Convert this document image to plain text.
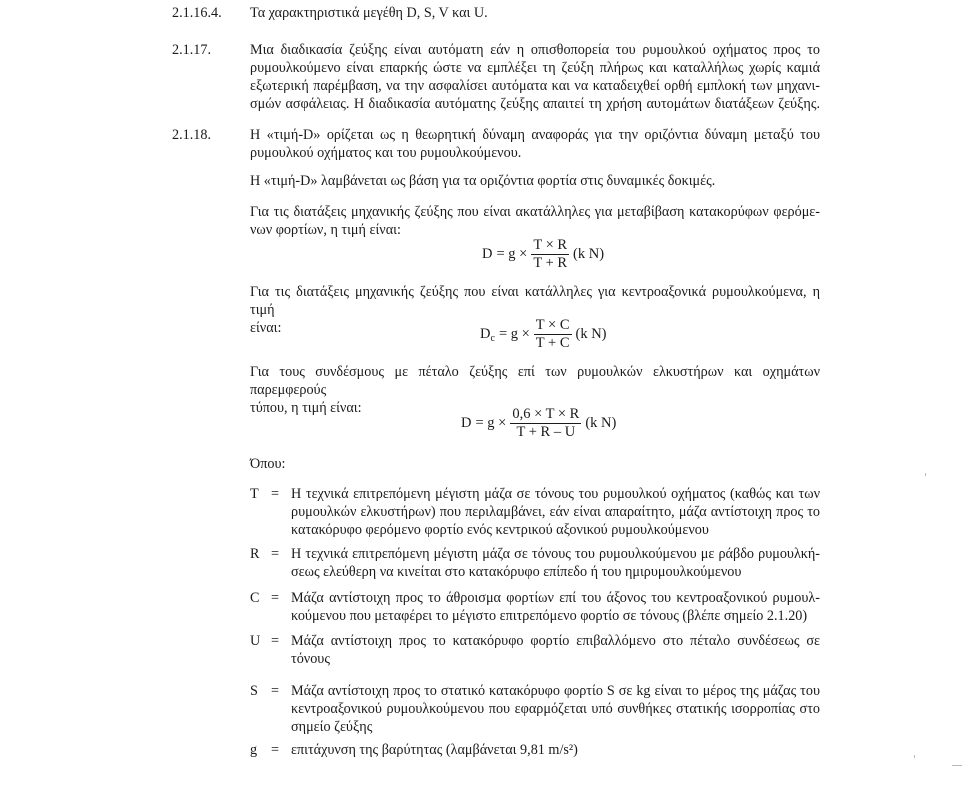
2.1.16.4. Τα χαρακτηριστικά μεγέθη D, S, V και U.
2.1.17.	Μια διαδικασία ζεύξης είναι αυτόματη εάν η οπισθοπορεία του ρυμουλκού οχήματος προς το
ρυμουλκούμενο είναι επαρκής ώστε να εμπλέξει τη ζεύξη πλήρως και καταλλήλως χωρίς καμιά
εξωτερική παρέμβαση, να την ασφαλίσει αυτόματα και να καταδειχθεί ορθή εμπλοκή των μηχανι-
σμών ασφάλειας. Η διαδικασία αυτόματης ζεύξης απαιτεί τη χρήση αυτομάτων διατάξεων ζεύξης.
2.1.18.	Η «τιμή-D» ορίζεται ως η θεωρητική δύναμη αναφοράς για την οριζόντια δύναμη μεταξύ του
ρυμουλκού οχήματος και του ρυμουλκούμενου.
Η «τιμή-D» λαμβάνεται ως βάση για τα οριζόντια φορτία στις δυναμικές δοκιμές.
Για τις διατάξεις μηχανικής ζεύξης που είναι ακατάλληλες για μεταβίβαση κατακορύφων φερόμε-
νων φορτίων, η τιμή είναι:
$D = g \times \frac{T \times R}{T + R} (k$ N)
Για τις διατάξεις μηχανικής ζεύξης που είναι κατάλληλες για κεντροαξονικά ρυμουλκούμενα, η τιμή
είναι:	$D_c = g \times \frac{T \times C}{T + C} (k$ N)
Για τους συνδέσμους με πέταλο ζεύξης επί των ρυμουλκών ελκυστήρων και οχημάτων παρεμφερούς
τύπου, η τιμή είναι:
$D = g \times \frac{0,6 \times T \times R}{T + R - U} (k$ N)
Όπου:
T = Η τεχνικά επιτρεπόμενη μέγιστη μάζα σε τόνους του ρυμουλκού οχήματος (καθώς και των
ρυμουλκών ελκυστήρων) που περιλαμβάνει, εάν είναι απαραίτητο, μάζα αντίστοιχη προς το
κατακόρυφο φερόμενο φορτίο ενός κεντρικού αξονικού ρυμουλκούμενου
R = Η τεχνικά επιτρεπόμενη μέγιστη μάζα σε τόνους του ρυμουλκούμενου με ράβδο ρυμουλκή-
σεως ελεύθερη να κινείται στο κατακόρυφο επίπεδο ή του ημιρυμουλκούμενου
C = Μάζα αντίστοιχη προς το άθροισμα φορτίων επί του άξονος του κεντροαξονικού ρυμουλ-
κούμενου που μεταφέρει το μέγιστο επιτρεπόμενο φορτίο σε τόνους (βλέπε σημείο 2.1.20)
U = Μάζα αντίστοιχη προς το κατακόρυφο φορτίο επιβαλλόμενο στο πέταλο συνδέσεως σε
τόνους
S = Μάζα αντίστοιχη προς το στατικό κατακόρυφο φορτίο S σε kg είναι το μέρος της μάζας του
κεντροαξονικού ρυμουλκούμενου που εφαρμόζεται υπό συνθήκες στατικής ισορροπίας στο
σημείο ζεύξης
g = επιτάχυνση της βαρύτητας (λαμβάνεται 9,81 m/s²)
